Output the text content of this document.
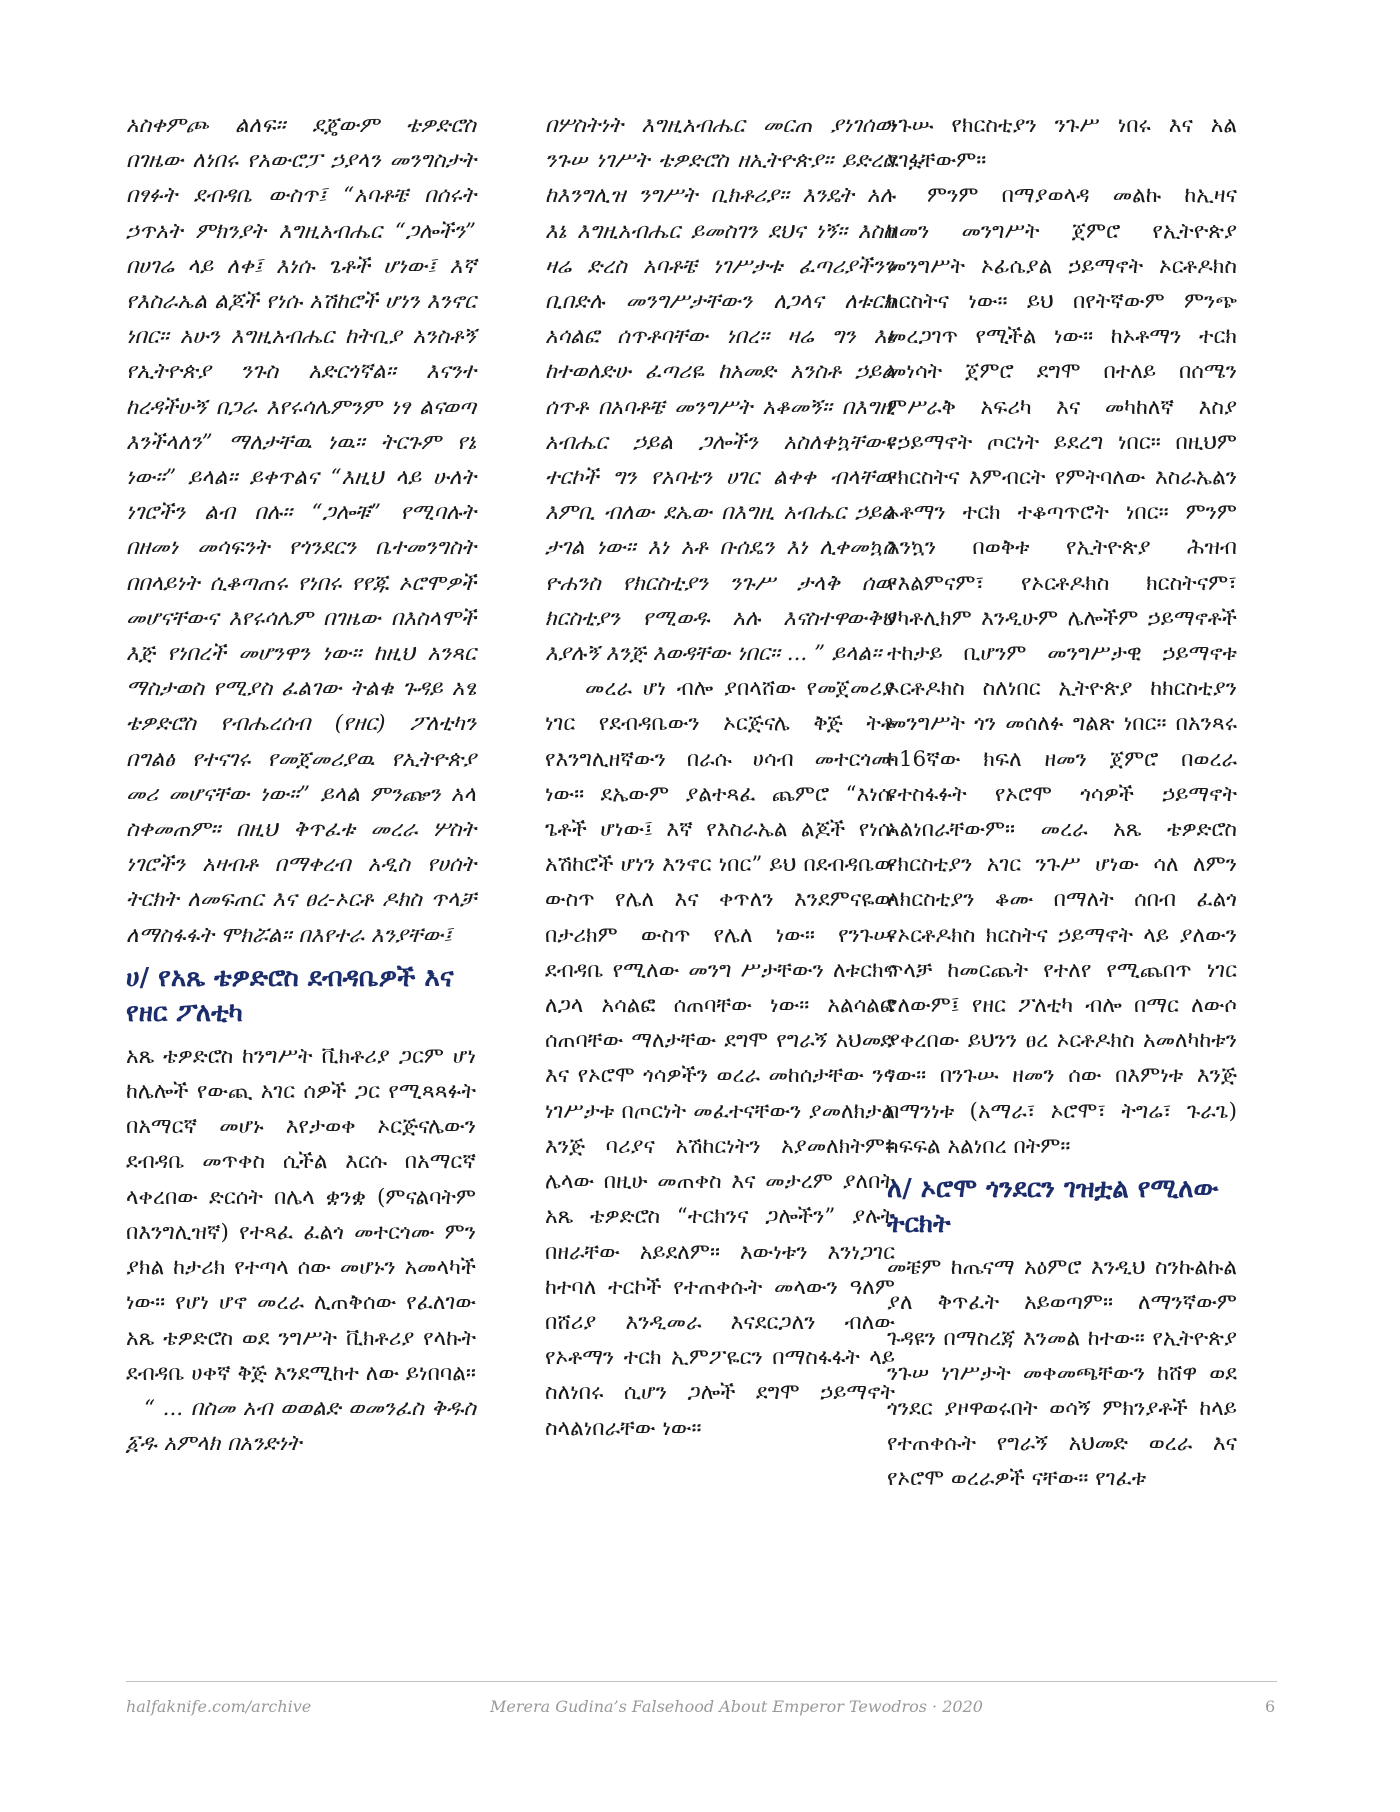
አስቀምጮ ልለፍ። ደጄውም ቴዎድሮስ በገዜው ለነበሩ የአውሮፓ ኃያላን መንግስታት በፃፉት ደብዳቤ ውስጥ፤ “አባቶቼ በሰሩት ኃጥአት ምክንያት እግዚአብሔር “ጋሎችን” በሀገሬ ላይ ለቀ፤ እነሱ ጌቶች ሆነው፤ እኛ የእስራኤል ልጆች የነሱ አሽከሮች ሆነን እንኖር ነበር። አሁን እግዚአብሔር ከትቢያ አንስቶኝ የኢትዮጵያ ንጉስ አድርጎኛል። እናንተ ከረዳችሁኝ በጋራ እየሩሳሌምንም ነፃ ልናወጣ እንችላለን” ማለታቸዉ ነዉ። ትርጉም የኔ ነው።” ይላል። ይቀጥልና “እዚህ ላይ ሁለት ነገሮችን ልብ በሉ። “ጋሎቹ” የሚባሉት በዘመነ መሳፍንት የጎንደርን ቤተመንግስት በበላይነት ሲቆጣጠሩ የነበሩ የየጁ ኦሮሞዎች መሆናቸውና እየሩሳሌም በገዜው በእስላሞች እጅ የነበረች መሆንዋን ነው። ከዚህ አንጻር ማስታወስ የሚያስ ፈልገው ትልቁ ጉዳይ አፄ ቴዎድሮስ የብሔረሰብ (የዘር) ፖለቲካን በግልፅ የተናገሩ የመጀመሪያዉ የኢትዮጵያ መሪ መሆናቸው ነው።” ይላል ምንጬን አላ ስቀመጠም። በዚህ ቅጥፈቱ መረራ ሦስት ነገሮችን አዛብቶ በማቀረብ አዲስ የሀሰት ትርክት ለመፍጠር እና ፀረ-ኦርቶ ዶክስ ጥላቻ ለማስፋፋት ሞክሯል። በእየተራ እንያቸው፤

ሀ/ የአጼ ቴዎድሮስ ደብዳቤዎች እና የዘር ፖለቲካ

አጼ ቴዎድሮስ ከንግሥት ቪክቶሪያ ጋርም ሆነ ከሌሎች የውጪ አገር ሰዎች ጋር የሚጻጻፉት በአማርኛ መሆኑ እየታወቀ ኦርጅናሌውን ደብዳቤ መጥቀስ ሲችል እርሱ በአማርኛ ላቀረበው ድርሰት በሌላ ቋንቋ (ምናልባትም በእንግሊዝኛ) የተጻፈ ፈልጎ መተርጎሙ ምን ያክል ከታሪክ የተጣላ ሰው መሆኑን አመላካች ነው። የሆነ ሆኖ መረራ ሊጠቅሰው የፈለገው አጼ ቴዎድሮስ ወደ ንግሥት ቪክቶሪያ የላኩት ደብዳቤ ሀቀኛ ቅጅ እንደሚከተ ለው ይነበባል።

“ ... በስመ አብ ወወልድ ወመንፈስ ቅዱስ ፩ዱ አምላክ በአንድነት

በሦስትነት እግዚአብሔር መርጠ ያነገሰው ንጉሠ ነገሥት ቴዎድሮስ ዘኢትዮጵያ። ይድረስ ከእንግሊዝ ንግሥት ቢክቶሪያ። እንዴት አሉ እኔ እግዚአብሔር ይመስገን ደህና ነኝ። እስከ ዛሬ ድረስ አባቶቼ ነገሥታቱ ፈጣሪያችንን ቢበድሉ መንግሥታቸውን ለጋላና ለቱርክ አሳልፎ ሰጥቶባቸው ነበረ። ዛሬ ግን እኔ ከተወለድሁ ፈጣሪዬ ከአመድ አንስቶ ኃይል ሰጥቶ በአባቶቼ መንግሥት አቆመኝ። በእግዚ አብሔር ኃይል ጋሎችን አስለቀኳቸው። ተርኮች ግን የአባቴን ሀገር ልቀቀ ብላቸው እምቢ ብለው ደኤው በእግዚ አብሔር ኃይል ታገል ነው። እነ አቶ ቡሰዴን እነ ሊቀመኳስ ዮሐንስ የክርስቲያን ንጉሥ ታላቅ ሰው ክርስቲያን የሚወዱ አሉ እናስተዋውቅህ እያሉኝ እንጅ እወዳቸው ነበር። ... ” ይላል።

መረራ ሆነ ብሎ ያበላሸው የመጀመሪያ ነገር የደብዳቤውን ኦርጅናሌ ቅጅ ትቶ የእንግሊዘኛውን በራሱ ሀሳብ መተርጎሙ ነው። ደኤውም ያልተጻፈ ጨምሮ “እነሱ ጌቶች ሆነው፤ እኛ የእስራኤል ልጆች የነሱ አሽከሮች ሆነን እንኖር ነበር” ይህ በደብዳቤው ውስጥ የሌለ እና ቀጥለን እንደምናዬው በታሪክም ውስጥ የሌለ ነው። የንጉሡ ደብዳቤ የሚለው መንግ ሥታቸውን ለቱርክና ለጋላ አሳልፎ ሰጠባቸው ነው። አልሳልፎ ሰጠባቸው ማለታቸው ደግሞ የግራኝ አህመድ እና የኦሮሞ ጎሳዎችን ወረራ መከሰታቸው ንና ነገሥታቱ በጦርነት መፈተናቸውን ያመለክታል እንጅ ባሪያና አሽከርነትን አያመለክትም። ሌላው በዚሁ መጠቀስ እና መታረም ያለበት አጼ ቴዎድሮስ “ተርክንና ጋሎችን” ያሉት በዘራቸው አይደለም። እውነቱን እንነጋገር ከተባለ ተርኮች የተጠቀሱት መላውን ዓለም በሸሪያ እንዲመራ እናደርጋለን ብለው የኦቶማን ተርክ ኢምፖዬርን በማስፋፋት ላይ ስለነበሩ ሲሆን ጋሎች ደግሞ ኃይማኖት ስላልነበራቸው ነው።

ንጉሡ የክርስቲያን ንጉሥ ነበሩ እና አል ደገፏቸውም።

ምንም በማያወላዳ መልኩ ከኢዛና ዘመን መንግሥት ጀምሮ የኢትዮጵያ መንግሥት ኦፊሴያል ኃይማኖት ኦርቶዶክስ ክርስትና ነው። ይህ በየትኛውም ምንጭ መረጋገጥ የሚችል ነው። ከኦቶማን ተርክ መነሳት ጀምሮ ደግሞ በተለይ በሰሜን ምሥራቅ አፍሪካ እና መካከለኛ እስያ የኃይማኖት ጦርነት ይደረግ ነበር። በዚህም የክርስትና እምብርት የምትባለው እስራኤልን ኦቶማን ተርክ ተቆጣጥሮት ነበር። ምንም እንኳን በወቅቱ የኢትዮጵያ ሕዝብ የእልምናም፣ የኦርቶዶክስ ክርስትናም፣ የካቶሊክም እንዲሁም ሌሎችም ኃይማኖቶች ተከታይ ቢሆንም መንግሥታዊ ኃይማኖቱ ኦርቶዶክስ ስለነበር ኢትዮጵያ ከክርስቲያን መንግሥት ጎን መሰለፉ ግልጽ ነበር። በአንጻሩ ከ16ኛው ክፍለ ዘመን ጀምሮ በወረራ የተስፋፉት የኦሮሞ ጎሳዎች ኃይማኖት አልነበራቸውም። መረራ አጼ ቴዎድሮስ የክርስቲያን አገር ንጉሥ ሆነው ሳለ ለምን ለክርስቲያን ቆሙ በማለት ሰበብ ፈልጎ የኦርቶዶክስ ክርስትና ኃይማኖት ላይ ያለውን ጥላቻ ከመርጨት የተለየ የሚጨበጥ ነገር የለውም፤ የዘር ፖለቲካ ብሎ በማር ለውሶ ያቀረበው ይህንን ፀረ ኦርቶዶክስ አመለካከቱን ነው። በንጉሡ ዘመን ሰው በእምነቱ እንጅ በማንነቱ (አማራ፣ ኦሮሞ፣ ትግሬ፣ ጉራጌ) ክፍፍል አልነበረ በትም።

ለ/ ኦሮሞ ጎንደርን ገዝቷል የሚለው ትርክት

መቼም ከጤናማ አዕምሮ እንዲህ ስንኩልኩል ያለ ቅጥፈት አይወጣም። ለማንኛውም ጉዳዩን በማስረጃ እንመል ከተው። የኢትዮጵያ ንጉሠ ነገሥታት መቀመጫቸውን ከሸዋ ወደ ጎንደር ያዞዋወሩበት ወሳኝ ምክንያቶች ከላይ የተጠቀሱት የግራኝ አህመድ ወረራ እና የኦሮሞ ወረራዎች ናቸው። የገፈቱ

halfaknife.com/archive	Merera Gudina’s Falsehood About Emperor Tewodros · 2020	6
